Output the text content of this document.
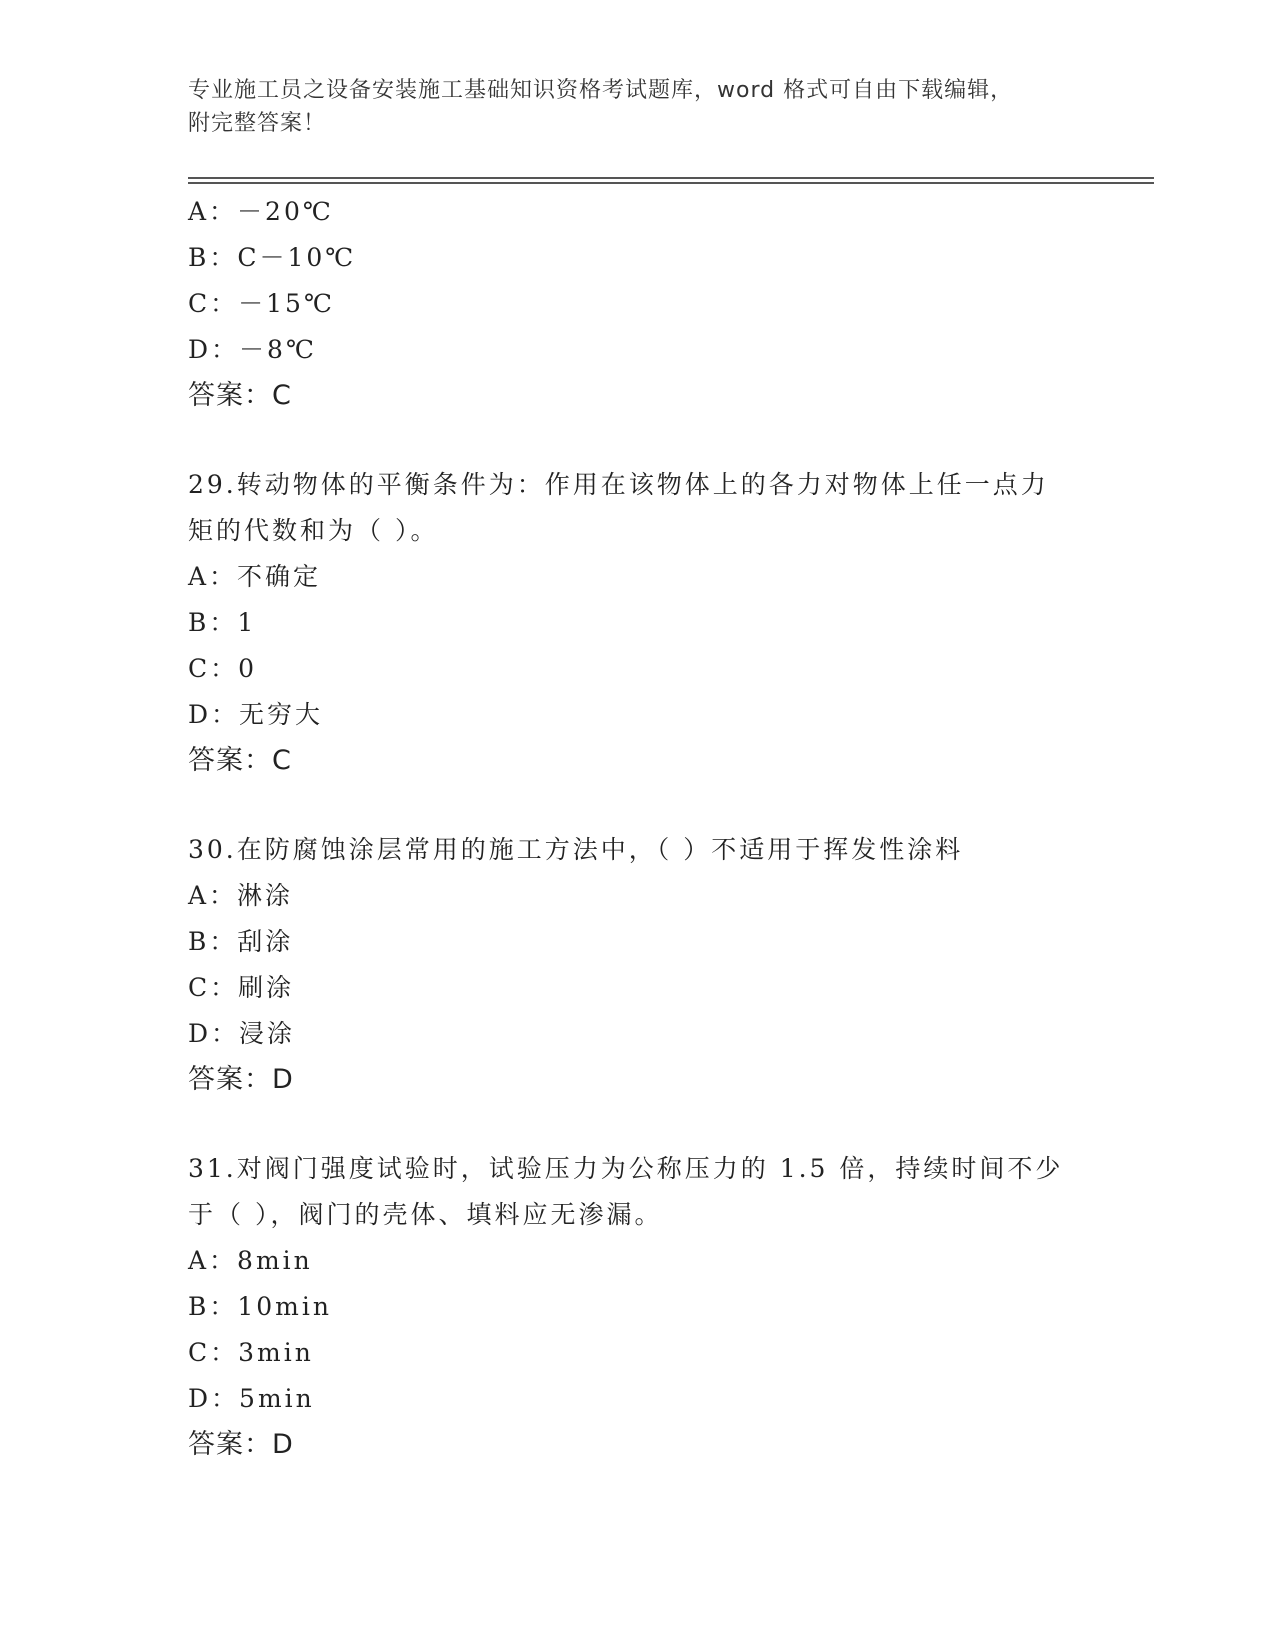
专业施工员之设备安装施工基础知识资格考试题库，word 格式可自由下载编辑，
附完整答案！
A：－20℃
B：C－10℃
C：－15℃
D：－8℃
答案：C
29.转动物体的平衡条件为：作用在该物体上的各力对物体上任一点力
矩的代数和为（ ）。
A：不确定
B：1
C：0
D：无穷大
答案：C
30.在防腐蚀涂层常用的施工方法中，（ ）不适用于挥发性涂料
A：淋涂
B：刮涂
C：刷涂
D：浸涂
答案：D
31.对阀门强度试验时，试验压力为公称压力的 1.5 倍，持续时间不少
于（ ），阀门的壳体、填料应无渗漏。
A：8min
B：10min
C：3min
D：5min
答案：D
